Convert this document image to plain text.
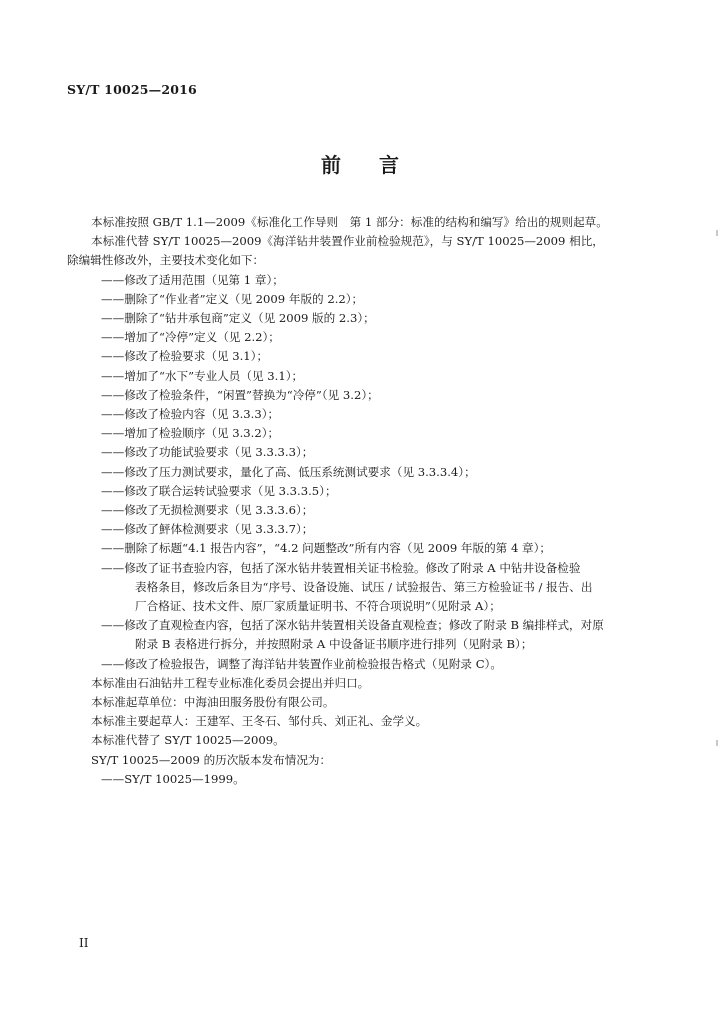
SY/T 10025—2016
前言

本标准按照 GB/T 1.1—2009《标准化工作导则　第 1 部分：标准的结构和编写》给出的规则起草。

本标准代替 SY/T 10025—2009《海洋钻井装置作业前检验规范》，与 SY/T 10025—2009 相比，

除编辑性修改外，主要技术变化如下：

——修改了适用范围（见第 1 章）；

——删除了“作业者”定义（见 2009 年版的 2.2）；

——删除了“钻井承包商”定义（见 2009 版的 2.3）；

——增加了“冷停”定义（见 2.2）；

——修改了检验要求（见 3.1）；

——增加了“水下”专业人员（见 3.1）；

——修改了检验条件，“闲置”替换为“冷停”（见 3.2）；

——修改了检验内容（见 3.3.3）；

——增加了检验顺序（见 3.3.2）；

——修改了功能试验要求（见 3.3.3.3）；

——修改了压力测试要求，量化了高、低压系统测试要求（见 3.3.3.4）；

——修改了联合运转试验要求（见 3.3.3.5）；

——修改了无损检测要求（见 3.3.3.6）；

——修改了鮃体检测要求（见 3.3.3.7）；

——删除了标题“4.1 报告内容”，“4.2 问题整改”所有内容（见 2009 年版的第 4 章）；

——修改了证书查验内容，包括了深水钻井装置相关证书检验。修改了附录 A 中钻井设备检验

表格条目，修改后条目为“序号、设备设施、试压 / 试验报告、第三方检验证书 / 报告、出

厂合格证、技术文件、原厂家质量证明书、不符合项说明”（见附录 A）；

——修改了直观检查内容，包括了深水钻井装置相关设备直观检查；修改了附录 B 编排样式，对原

附录 B 表格进行拆分，并按照附录 A 中设备证书顺序进行排列（见附录 B）；

——修改了检验报告，调整了海洋钻井装置作业前检验报告格式（见附录 C）。

本标准由石油钻井工程专业标准化委员会提出并归口。

本标准起草单位：中海油田服务股份有限公司。

本标准主要起草人：王建军、王冬石、邹付兵、刘正礼、金学义。

本标准代替了 SY/T 10025—2009。

SY/T 10025—2009 的历次版本发布情况为：

——SY/T 10025—1999。

II
